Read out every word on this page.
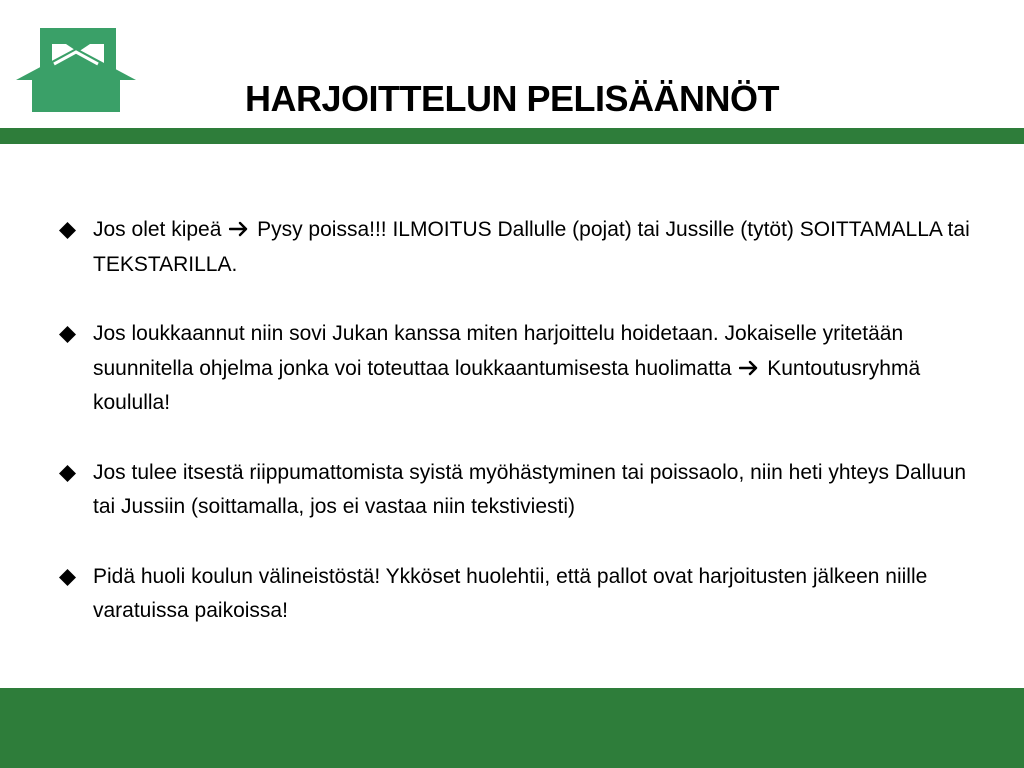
HARJOITTELUN PELISÄÄNNÖT
Jos olet kipeä  Pysy poissa!!! ILMOITUS Dallulle (pojat) tai Jussille (tytöt) SOITTAMALLA tai TEKSTARILLA.
Jos loukkaannut niin sovi Jukan kanssa miten harjoittelu hoidetaan. Jokaiselle yritetään suunnitella ohjelma jonka voi toteuttaa loukkaantumisesta huolimatta  Kuntoutusryhmä koululla!
Jos tulee itsestä riippumattomista syistä myöhästyminen tai poissaolo, niin heti yhteys Dalluun tai Jussiin (soittamalla, jos ei vastaa niin tekstiviesti)
Pidä huoli koulun välineistöstä! Ykköset huolehtii, että pallot ovat harjoitusten jälkeen niille varatuissa paikoissa!
